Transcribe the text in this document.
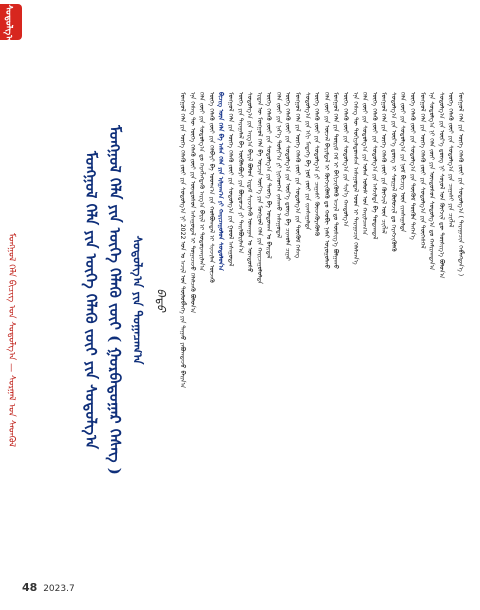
ᠰᠤᠳᠤᠯᠭ᠎ᠠ
ᠮᠣᠩᠭᠣᠯ ᠬᠡᠯᠡ ᠪᠢᠴᠢᠭ ᠤᠨ ᠰᠣᠳᠤᠯᠭ᠎ᠠ — ᠰᠤᠷᠭᠠᠯ ᠤᠨ ᠰᠡᠳᠬᠦᠯ	ᠮᠣᠩᠭᠣᠯ ᠬᠡᠯᠡ ᠶᠢᠨ ᠦᠭᠡ ᠬᠡᠯᠡᠬᠦ ᠵᠦᠢ ᠶᠢᠨ ᠰᠤᠳᠤᠯᠭ᠎ᠠ ᠮᠣᠩᠭᠣᠯ ᠬᠡᠯᠡ ᠶᠢᠨ ᠦᠭᠡ ᠬᠡᠯᠡᠬᠦ ᠵᠦᠢ ( ᠭᠤᠷᠪᠠᠳᠤᠭᠠᠷ ᠬᠡᠰᠡᠭ ) ᠰᠣᠳᠤᠯᠭ᠎ᠠ ᠶᠢᠨ ᠲᠣᠭᠠᠴᠠᠭ᠎ᠠ ᠪᠠᠲᠤ	ᠮᠣᠩᠭᠣᠯ ᠬᠡᠯᠡ ᠶᠢᠨ ᠦᠭᠡ ᠬᠡᠯᠡᠬᠦ ᠵᠦᠢ ᠶᠢᠨ ᠰᠤᠳᠤᠯᠭ᠎ᠠ ᠨᠢ 2022 ᠣᠨ ᠤ ᠠᠵᠢᠯ ᠤᠨ ᠲᠥᠯᠥᠪᠯᠡᠭᠡ ᠶᠢᠨ ᠳᠠᠭᠠᠤ ᠶᠠᠪᠤᠭᠳᠠᠵᠤ ᠪᠠᠢᠨ᠎ᠠ ᠡᠨᠡ ᠬᠡᠰᠡᠭ ᠲᠦ ᠦᠭᠡ ᠬᠡᠯᠡᠬᠦ ᠵᠦᠢ ᠶᠢᠨ ᠦᠨᠳᠦᠰᠦᠨ ᠠᠰᠠᠭᠤᠳᠠᠯ ᠢ ᠲᠣᠭᠠᠴᠠᠵᠤ ᠬᠡᠯᠡᠯᠴᠡᠬᠦ ᠪᠣᠯᠤᠨ᠎ᠠ ᠬᠡᠯᠡ ᠵᠦᠢ ᠶᠢᠨ ᠰᠤᠳᠤᠯᠭ᠎ᠠ ᠳᠤ ᠬᠡᠷᠡᠭᠯᠡᠭᠳᠡᠬᠦ ᠠᠷᠭ᠎ᠠ ᠪᠠᠷᠢᠯ ᠢ ᠲᠣᠳᠣᠷᠬᠠᠶᠢᠯᠠᠨ᠎ᠠ ᠦᠭᠡ ᠬᠡᠯᠡᠬᠦ ᠵᠦᠢ ᠶᠢᠨ ᠬᠡᠯᠪᠡᠷᠢ ᠪᠠ ᠤᠳᠬ᠎ᠠ ᠶᠢᠨ ᠬᠣᠯᠪᠣᠭᠳᠠᠯ ᠢ ᠰᠢᠨᠵᠢᠯᠡᠨ ᠦᠵᠡᠬᠦ ᠪᠢᠴᠢᠭ ᠦᠨ ᠬᠡᠯᠡ ᠪᠠ ᠠᠮᠠᠨ ᠬᠡᠯᠡ ᠶᠢᠨ ᠢᠯᠭᠠᠭ᠎ᠠ ᠶᠢ ᠬᠠᠷᠢᠴᠠᠭᠤᠯᠤᠨ ᠰᠤᠳᠤᠯᠤᠨ᠎ᠠ ᠮᠣᠩᠭᠣᠯ ᠬᠡᠯᠡ ᠶᠢᠨ ᠦᠭᠡ ᠬᠡᠯᠡᠬᠦ ᠵᠦᠢ ᠶᠢᠨ ᠰᠤᠳᠤᠯᠭ᠎ᠠ ᠶᠢᠨ ᠭᠣᠣᠯ ᠠᠰᠠᠭᠤᠳᠠᠯ ᠦᠭᠡ ᠶᠢᠨ ᠳᠠᠷᠠᠭᠠᠯᠠᠯ ᠪᠠ ᠥᠭᠦᠯᠡᠪᠦᠷᠢ ᠶᠢᠨ ᠪᠦᠲᠦᠴᠡ ᠶᠢ ᠲᠠᠢᠯᠪᠤᠷᠢᠯᠠᠨ᠎ᠠ ᠰᠤᠳᠤᠯᠭ᠎ᠠ ᠶᠢᠨ ᠠᠷᠭ᠎ᠠ ᠪᠠᠷᠢᠯ ᠪᠣᠯᠤᠨ ᠡᠷᠳᠡᠮ ᠰᠢᠨᠵᠢᠯᠡᠬᠦ ᠤᠬᠠᠭᠠᠨ ᠤ ᠦᠨᠳᠦᠰᠦ ᠡᠷᠲᠡᠨ ᠦ ᠮᠣᠩᠭᠣᠯ ᠬᠡᠯᠡ ᠪᠠ ᠣᠷᠴᠢᠨ ᠦᠶ᠎ᠡ ᠶᠢᠨ ᠮᠣᠩᠭᠣᠯ ᠬᠡᠯᠡ ᠶᠢᠨ ᠬᠠᠷᠢᠴᠠᠭᠤᠯᠤᠯᠲᠠ ᠦᠭᠡ ᠬᠡᠯᠡᠬᠦ ᠵᠦᠢ ᠶᠢᠨ ᠰᠤᠳᠤᠯᠭ᠎ᠠ ᠶᠢᠨ ᠲᠡᠦᠬᠡ ᠪᠠ ᠣᠳᠣᠬᠠᠨ ᠤ ᠪᠠᠢᠳᠠᠯ ᠬᠡᠯᠡ ᠵᠦᠢ ᠶᠢᠨ ᠨᠡᠷ᠎ᠡ ᠲᠣᠮᠢᠶ᠎ᠠ ᠶᠢ ᠨᠢᠭᠡᠳᠭᠡᠨ ᠵᠠᠰᠠᠬᠤ ᠠᠰᠠᠭᠤᠳᠠᠯ ᠦᠭᠡ ᠬᠡᠯᠡᠬᠦ ᠵᠦᠢ ᠶᠢᠨ ᠰᠤᠳᠤᠯᠭ᠎ᠠ ᠶᠢᠨ ᠦᠷ᠎ᠡ ᠳ᠋ᠦᠩ ᠪᠠ ᠴᠢᠬᠤᠯᠠ ᠴᠢᠨᠠᠷ ᠮᠣᠩᠭᠣᠯ ᠬᠡᠯᠡ ᠶᠢᠨ ᠦᠭᠡ ᠬᠡᠯᠡᠬᠦ ᠵᠦᠢ ᠶᠢᠨ ᠰᠤᠳᠤᠯᠭ᠎ᠠ ᠶᠢᠨ ᠳᠦᠭᠦᠮ ᠬᠡᠰᠡᠭ ᠰᠤᠳᠤᠯᠭ᠎ᠠ ᠶᠢᠨ ᠡᠬᠢ ᠮᠡᠳᠡᠭᠡ ᠪᠠ ᠨᠣᠮ ᠵᠦᠢ ᠶᠢᠨ ᠵᠢᠭᠰᠠᠭᠠᠯᠲᠠ ᠦᠭᠡ ᠬᠡᠯᠡᠬᠦ ᠵᠦᠢ ᠶᠢᠨ ᠰᠤᠳᠤᠯᠭ᠎ᠠ ᠶᠢ ᠴᠠᠭᠠᠰᠢ ᠭᠦᠨᠵᠡᠭᠦᠷᠡᠭᠦᠯᠬᠦ ᠬᠡᠯᠡ ᠵᠦᠢ ᠶᠢᠨ ᠦᠵᠡᠯ ᠪᠠᠷᠢᠮᠳᠠᠯ ᠢ ᠬᠥᠭᠵᠢᠭᠦᠯᠬᠦ ᠳᠤ ᠬᠤᠪᠢ ᠨᠡᠮᠡᠷ ᠣᠷᠣᠭᠤᠯᠬᠤ ᠮᠣᠩᠭᠣᠯ ᠬᠡᠯᠡ ᠶᠢᠨ ᠳᠦᠷᠢᠮ ᠬᠡᠮ ᠢ ᠪᠡᠬᠢᠵᠢᠭᠦᠯᠬᠦ ᠠᠵᠢᠯ ᠳᠤ ᠲᠦᠰᠢᠭ᠎ᠡ ᠪᠣᠯᠭᠠᠬᠤ ᠦᠭᠡ ᠬᠡᠯᠡᠬᠦ ᠵᠦᠢ ᠶᠢᠨ ᠰᠤᠳᠤᠯᠭ᠎ᠠ ᠶᠢᠨ ᠰᠢᠨ᠎ᠡ ᠬᠠᠨᠳᠤᠯᠭ᠎ᠠ ᠡᠨᠡ ᠬᠡᠰᠡᠭ ᠲᠦ ᠲᠣᠬᠢᠶᠠᠯᠳᠤᠭᠰᠠᠨ ᠠᠰᠠᠭᠤᠳᠠᠯ ᠤᠳ ᠢ ᠳᠠᠷᠠᠭᠠᠴᠢᠨ ᠬᠡᠯᠡᠯᠴᠡᠨ᠎ᠡ ᠬᠡᠯᠡ ᠵᠦᠢ ᠶᠢᠨ ᠰᠤᠳᠤᠯᠭ᠎ᠠ ᠶᠢᠨ ᠣᠯᠠᠨ ᠤᠯᠤᠰ ᠤᠨ ᠬᠠᠷᠢᠯᠴᠠᠭ᠎ᠠ ᠦᠭᠡ ᠬᠡᠯᠡᠬᠦ ᠵᠦᠢ ᠶᠢᠨ ᠰᠤᠳᠤᠯᠭ᠎ᠠ ᠶᠢᠨ ᠠᠮᠵᠢᠯᠲᠠ ᠪᠠ ᠳᠤᠲᠠᠭᠳᠠᠯ ᠮᠣᠩᠭᠣᠯ ᠬᠡᠯᠡ ᠶᠢᠨ ᠦᠭᠡ ᠬᠡᠯᠡᠬᠦ ᠵᠦᠢ ᠶᠢᠨ ᠬᠥᠭᠵᠢᠯ ᠦᠨ ᠴᠢᠭᠯᠡᠯ ᠰᠤᠳᠤᠯᠭ᠎ᠠ ᠶᠢᠨ ᠦᠷ᠎ᠡ ᠳ᠋ᠦᠩ ᠢ ᠰᠤᠷᠭᠠᠯ ᠬᠦᠮᠦᠵᠢᠯ ᠳᠤ ᠬᠡᠷᠡᠭᠵᠢᠭᠦᠯᠬᠦ ᠬᠡᠯᠡ ᠵᠦᠢ ᠶᠢᠨ ᠰᠤᠳᠤᠯᠭ᠎ᠠ ᠶᠢᠨ ᠨᠣᠮ ᠪᠢᠴᠢᠭ ᠦᠨ ᠵᠢᠭᠰᠠᠭᠠᠯᠲᠠ ᠦᠭᠡ ᠬᠡᠯᠡᠬᠦ ᠵᠦᠢ ᠶᠢᠨ ᠰᠤᠳᠤᠯᠭ᠎ᠠ ᠶᠢᠨ ᠳᠦᠭᠦᠮ ᠳᠦᠭᠦᠨ ᠳᠡᠭᠡᠨ᠎ᠡ ᠮᠣᠩᠭᠣᠯ ᠬᠡᠯᠡ ᠶᠢᠨ ᠦᠭᠡ ᠬᠡᠯᠡᠬᠦ ᠵᠦᠢ ᠶᠢᠨ ᠰᠤᠳᠤᠯᠭ᠎ᠠ ᠶᠢᠨ ᠲᠥᠭᠡᠰᠬᠡᠯ ᠡᠨᠡ ᠰᠤᠳᠤᠯᠭ᠎ᠠ ᠨᠢ ᠬᠡᠯᠡ ᠵᠦᠢ ᠶᠢᠨ ᠦᠨᠳᠦᠰᠦᠨ ᠰᠤᠳᠤᠯᠭ᠎ᠠ ᠳᠤ ᠬᠠᠮᠢᠷᠠᠭᠳᠠᠨ᠎ᠠ ᠰᠤᠳᠤᠯᠭ᠎ᠠ ᠶᠢᠨ ᠦᠷ᠎ᠡ ᠳ᠋ᠦᠩ ᠨᠢ ᠰᠣᠶᠣᠯ ᠤᠨ ᠬᠥᠭᠵᠢᠯ ᠳᠦ ᠲᠦᠰᠢᠭ᠎ᠡ ᠪᠣᠯᠤᠨ᠎ᠠ ᠦᠭᠡ ᠬᠡᠯᠡᠬᠦ ᠵᠦᠢ ᠶᠢᠨ ᠰᠤᠳᠤᠯᠭ᠎ᠠ ᠶᠢᠨ ᠴᠠᠭᠠᠰᠢ ᠶᠢᠨ ᠴᠢᠭᠯᠡᠯ ᠮᠣᠩᠭᠣᠯ ᠬᠡᠯᠡ ᠶᠢᠨ ᠦᠭᠡ ᠬᠡᠯᠡᠬᠦ ᠵᠦᠢ ᠶᠢᠨ ᠰᠤᠳᠤᠯᠭ᠎ᠠ ( ᠳᠠᠷᠠᠭᠠᠴᠢᠨ ᠬᠡᠪᠯᠡᠭᠳᠡᠨ᠎ᠡ )
48 2023.7
